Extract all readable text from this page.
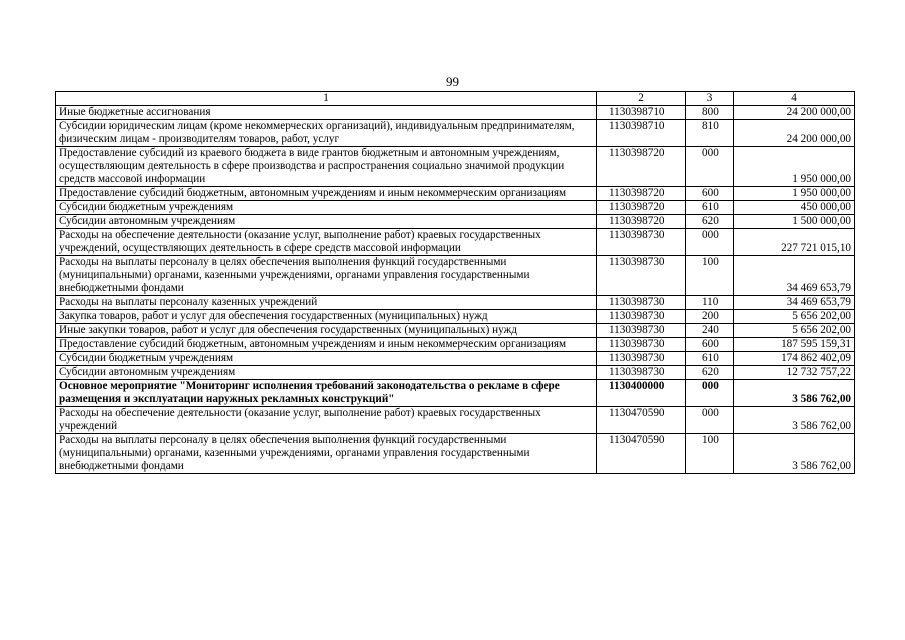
99
1	2	3	4
Иные бюджетные ассигнования	1130398710	800	24 200 000,00
Субсидии юридическим лицам (кроме некоммерческих организаций), индивидуальным предпринимателям, физическим лицам - производителям товаров, работ, услуг	1130398710	810	24 200 000,00
Предоставление субсидий из краевого бюджета в виде грантов бюджетным и автономным учреждениям, осуществляющим деятельность в сфере производства и распространения социально значимой продукции средств массовой информации	1130398720	000	1 950 000,00
Предоставление субсидий бюджетным, автономным учреждениям и иным некоммерческим организациям	1130398720	600	1 950 000,00
Субсидии бюджетным учреждениям	1130398720	610	450 000,00
Субсидии автономным учреждениям	1130398720	620	1 500 000,00
Расходы на обеспечение деятельности (оказание услуг, выполнение работ) краевых государственных учреждений, осуществляющих деятельность в сфере средств массовой информации	1130398730	000	227 721 015,10
Расходы на выплаты персоналу в целях обеспечения выполнения функций государственными (муниципальными) органами, казенными учреждениями, органами управления государственными внебюджетными фондами	1130398730	100	34 469 653,79
Расходы на выплаты персоналу казенных учреждений	1130398730	110	34 469 653,79
Закупка товаров, работ и услуг для обеспечения государственных (муниципальных) нужд	1130398730	200	5 656 202,00
Иные закупки товаров, работ и услуг для обеспечения государственных (муниципальных) нужд	1130398730	240	5 656 202,00
Предоставление субсидий бюджетным, автономным учреждениям и иным некоммерческим организациям	1130398730	600	187 595 159,31
Субсидии бюджетным учреждениям	1130398730	610	174 862 402,09
Субсидии автономным учреждениям	1130398730	620	12 732 757,22
Основное мероприятие "Мониторинг исполнения требований законодательства о рекламе в сфере размещения и эксплуатации наружных рекламных конструкций"	1130400000	000	3 586 762,00
Расходы на обеспечение деятельности (оказание услуг, выполнение работ) краевых государственных учреждений	1130470590	000	3 586 762,00
Расходы на выплаты персоналу в целях обеспечения выполнения функций государственными (муниципальными) органами, казенными учреждениями, органами управления государственными внебюджетными фондами	1130470590	100	3 586 762,00
